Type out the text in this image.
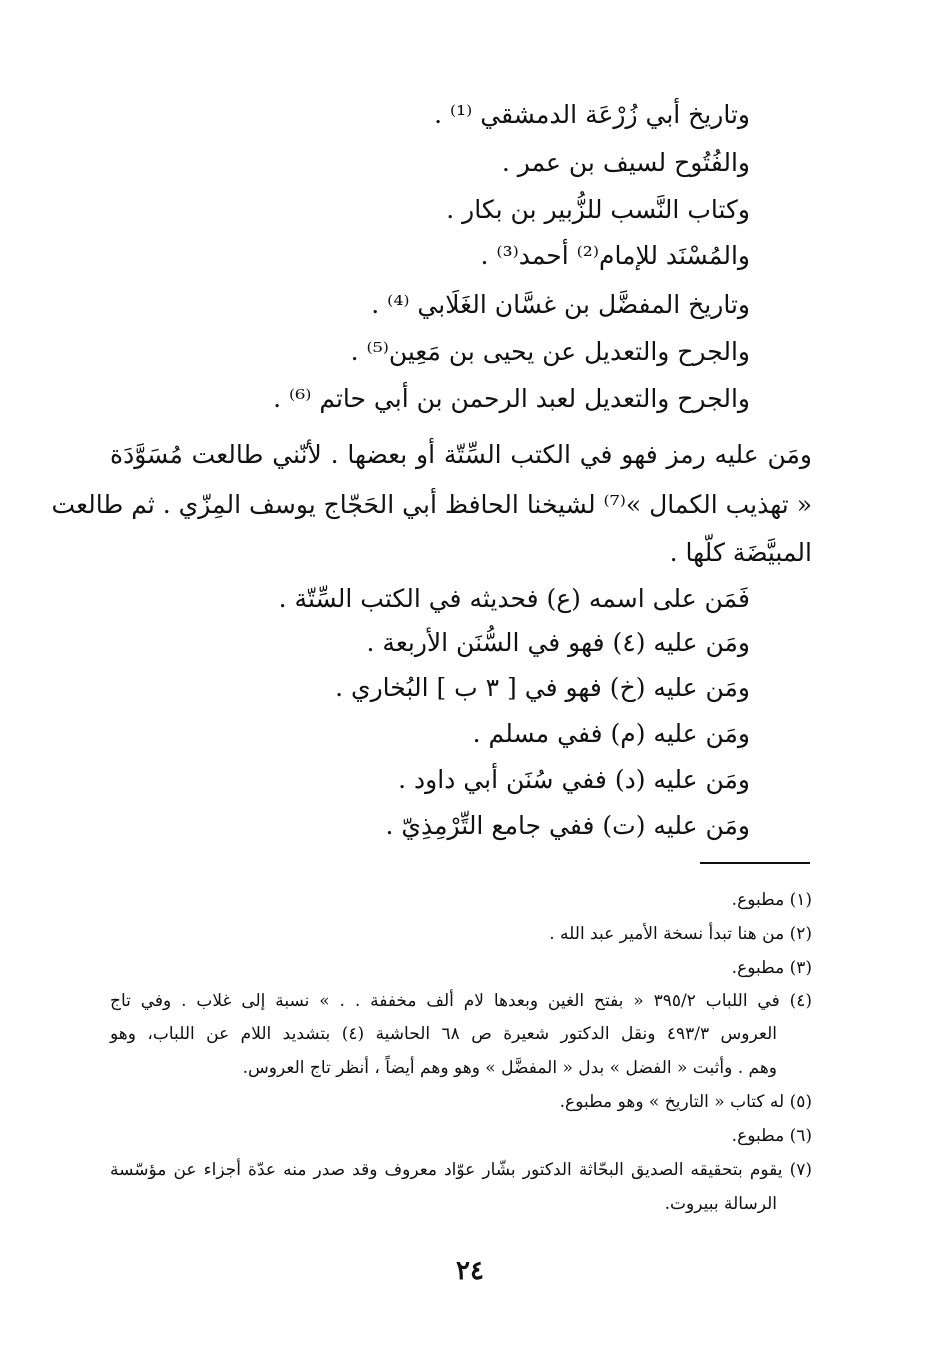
وتاريخ أبي زُرْعَة الدمشقي ⁽¹⁾ .
والفُتُوح لسيف بن عمر .
وكتاب النَّسب للزُّبير بن بكار .
والمُسْنَد للإمام⁽²⁾ أحمد⁽³⁾ .
وتاريخ المفضَّل بن غسَّان الغَلَابي ⁽⁴⁾ .
والجرح والتعديل عن يحيى بن مَعِين⁽⁵⁾ .
والجرح والتعديل لعبد الرحمن بن أبي حاتم ⁽⁶⁾ .
ومَن عليه رمز فهو في الكتب السِّتّة أو بعضها . لأنّني طالعت مُسَوَّدَة
« تهذيب الكمال »⁽⁷⁾ لشيخنا الحافظ أبي الحَجّاج يوسف المِزّي . ثم طالعت
المبيَّضَة كلّها .
فَمَن على اسمه (ع) فحديثه في الكتب السِّتّة .
ومَن عليه (٤) فهو في السُّنَن الأربعة .
ومَن عليه (خ) فهو في [ ٣ ب ] البُخاري .
ومَن عليه (م) ففي مسلم .
ومَن عليه (د) ففي سُنَن أبي داود .
ومَن عليه (ت) ففي جامع التِّرْمِذِيّ .
(١) مطبوع.
(٢) من هنا تبدأ نسخة الأمير عبد الله .
(٣) مطبوع.
(٤) في اللباب ٣٩٥/٢ « بفتح الغين وبعدها لام ألف مخففة . . » نسبة إلى غلاب . وفي تاج
العروس ٤٩٣/٣ ونقل الدكتور شعيرة ص ٦٨ الحاشية (٤) بتشديد اللام عن اللباب، وهو
وهم . وأثبت « الفضل » بدل « المفضَّل » وهو وهم أيضاً ، أنظر تاج العروس.
(٥) له كتاب « التاريخ » وهو مطبوع.
(٦) مطبوع.
(٧) يقوم بتحقيقه الصديق البحّاثة الدكتور بشّار عوّاد معروف وقد صدر منه عدّة أجزاء عن مؤسّسة
الرسالة ببيروت.
٢٤
